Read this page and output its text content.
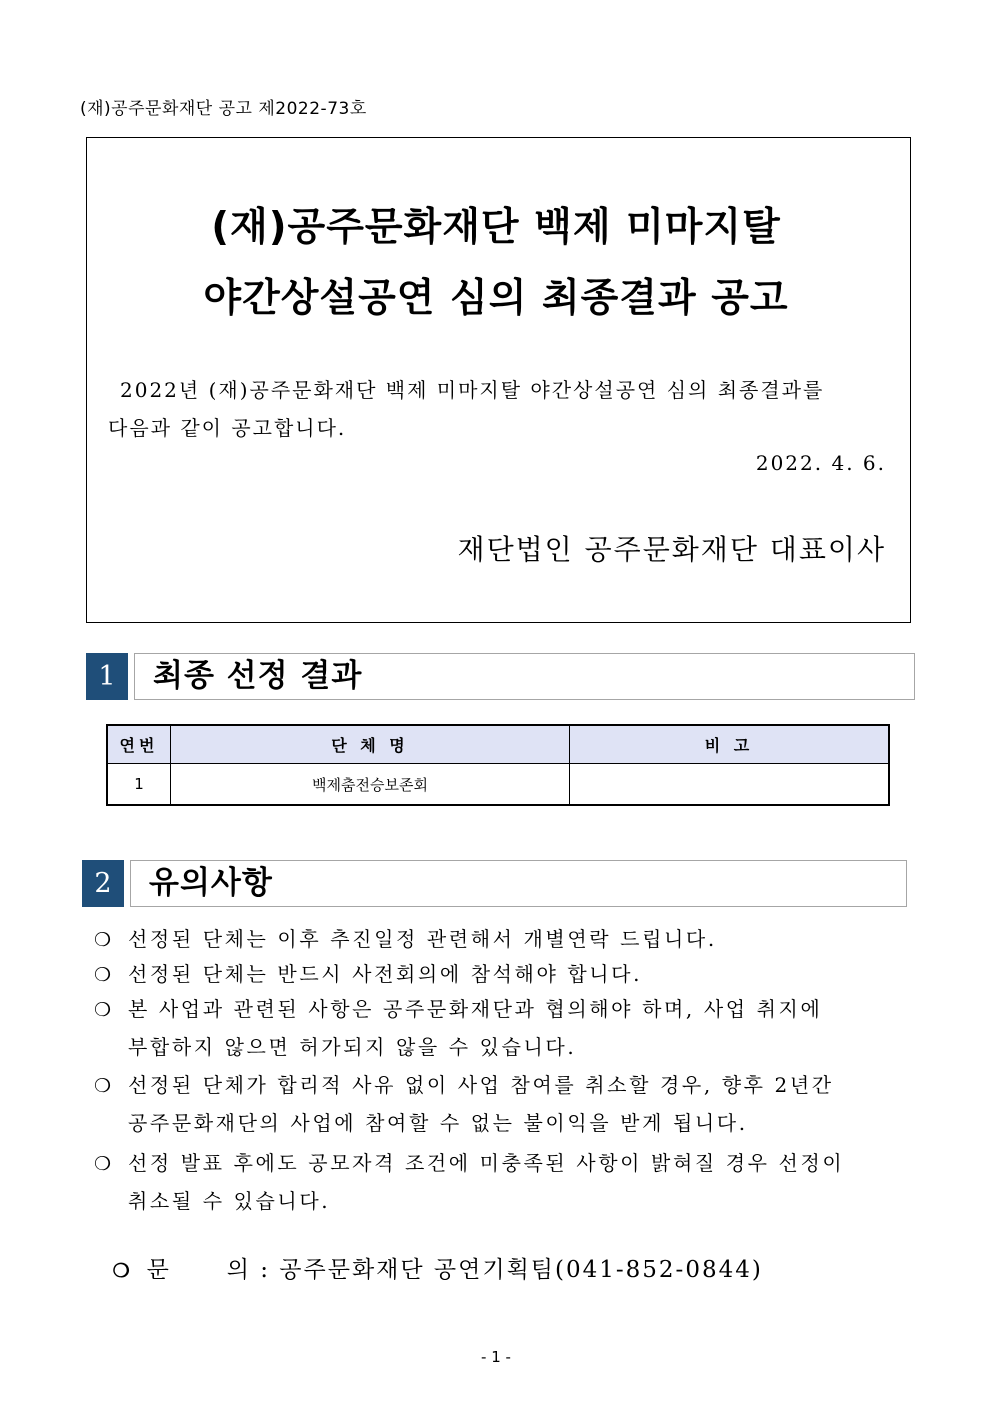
(재)공주문화재단 공고 제2022-73호
(재)공주문화재단 백제 미마지탈
야간상설공연 심의 최종결과 공고
2022년 (재)공주문화재단 백제 미마지탈 야간상설공연 심의 최종결과를
다음과 같이 공고합니다.
2022. 4. 6.
재단법인 공주문화재단 대표이사
1	최종 선정 결과
연번	단 체 명	비 고
1	백제춤전승보존회	
2	유의사항
❍ 선정된 단체는 이후 추진일정 관련해서 개별연락 드립니다.
❍ 선정된 단체는 반드시 사전회의에 참석해야 합니다.
❍ 본 사업과 관련된 사항은 공주문화재단과 협의해야 하며, 사업 취지에
부합하지 않으면 허가되지 않을 수 있습니다.
❍ 선정된 단체가 합리적 사유 없이 사업 참여를 취소할 경우, 향후 2년간
공주문화재단의 사업에 참여할 수 없는 불이익을 받게 됩니다.
❍ 선정 발표 후에도 공모자격 조건에 미충족된 사항이 밝혀질 경우 선정이
취소될 수 있습니다.

❍ 문      의 : 공주문화재단 공연기획팀(041-852-0844)

- 1 -
